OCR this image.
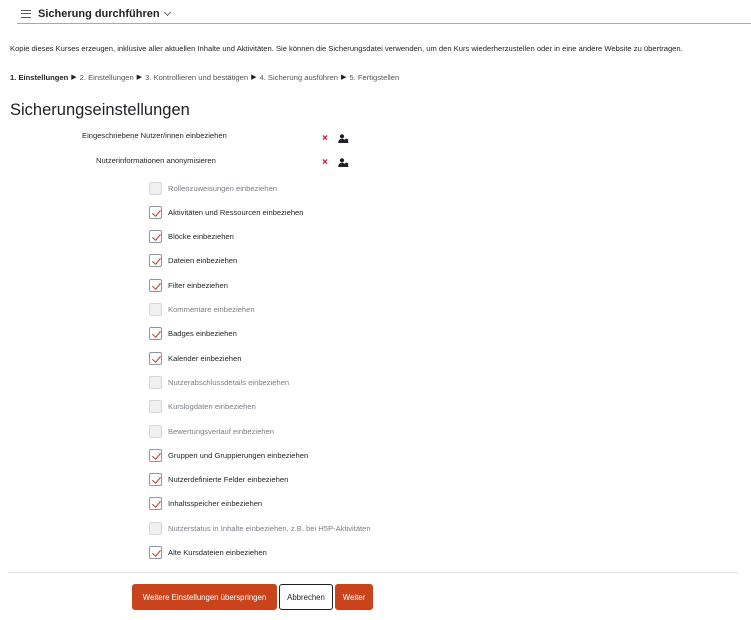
Sicherung durchführen
Kopie dieses Kurses erzeugen, inklusive aller aktuellen Inhalte und Aktivitäten. Sie können die Sicherungsdatei verwenden, um den Kurs wiederherzustellen oder in eine andere Website zu übertragen.
1. Einstellungen ▶ 2. Einstellungen ▶ 3. Kontrollieren und bestätigen ▶ 4. Sicherung ausführen ▶ 5. Fertigstellen
Sicherungseinstellungen
Eingeschriebene Nutzer/innen einbeziehen	×
Nutzerinformationen anonymisieren	×
Rollenzuweisungen einbeziehen
Aktivitäten und Ressourcen einbeziehen
Blöcke einbeziehen
Dateien einbeziehen
Filter einbeziehen
Kommentare einbeziehen
Badges einbeziehen
Kalender einbeziehen
Nutzerabschlussdetails einbeziehen
Kurslogdaten einbeziehen
Bewertungsverlauf einbeziehen
Gruppen und Gruppierungen einbeziehen
Nutzerdefinierte Felder einbeziehen
Inhaltsspeicher einbeziehen
Nutzerstatus in Inhalte einbeziehen, z.B. bei H5P-Aktivitäten
Alte Kursdateien einbeziehen
Weitere Einstellungen überspringen	Abbrechen	Weiter
